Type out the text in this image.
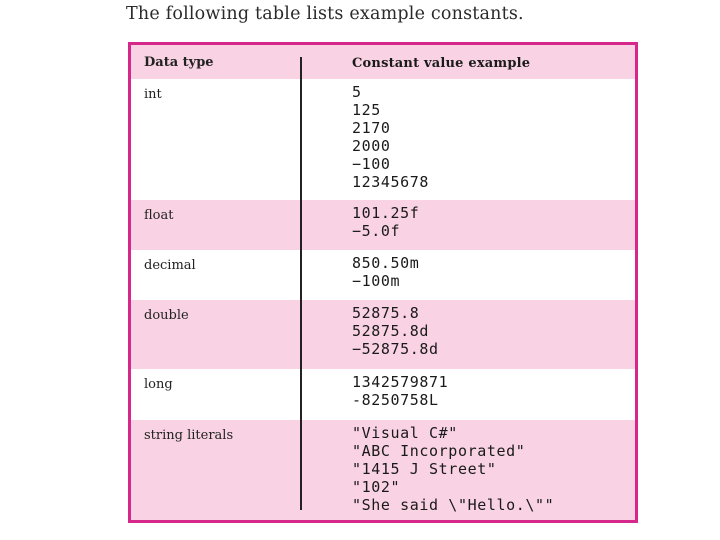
The following table lists example constants.
Data type	Constant value example
int	5
125
2170
2000
−100
12345678
float	101.25f
−5.0f
decimal	850.50m
−100m
double	52875.8
52875.8d
−52875.8d
long	1342579871
-8250758L
string literals	"Visual C#"
"ABC Incorporated"
"1415 J Street"
"102"
"She said \"Hello.\""
